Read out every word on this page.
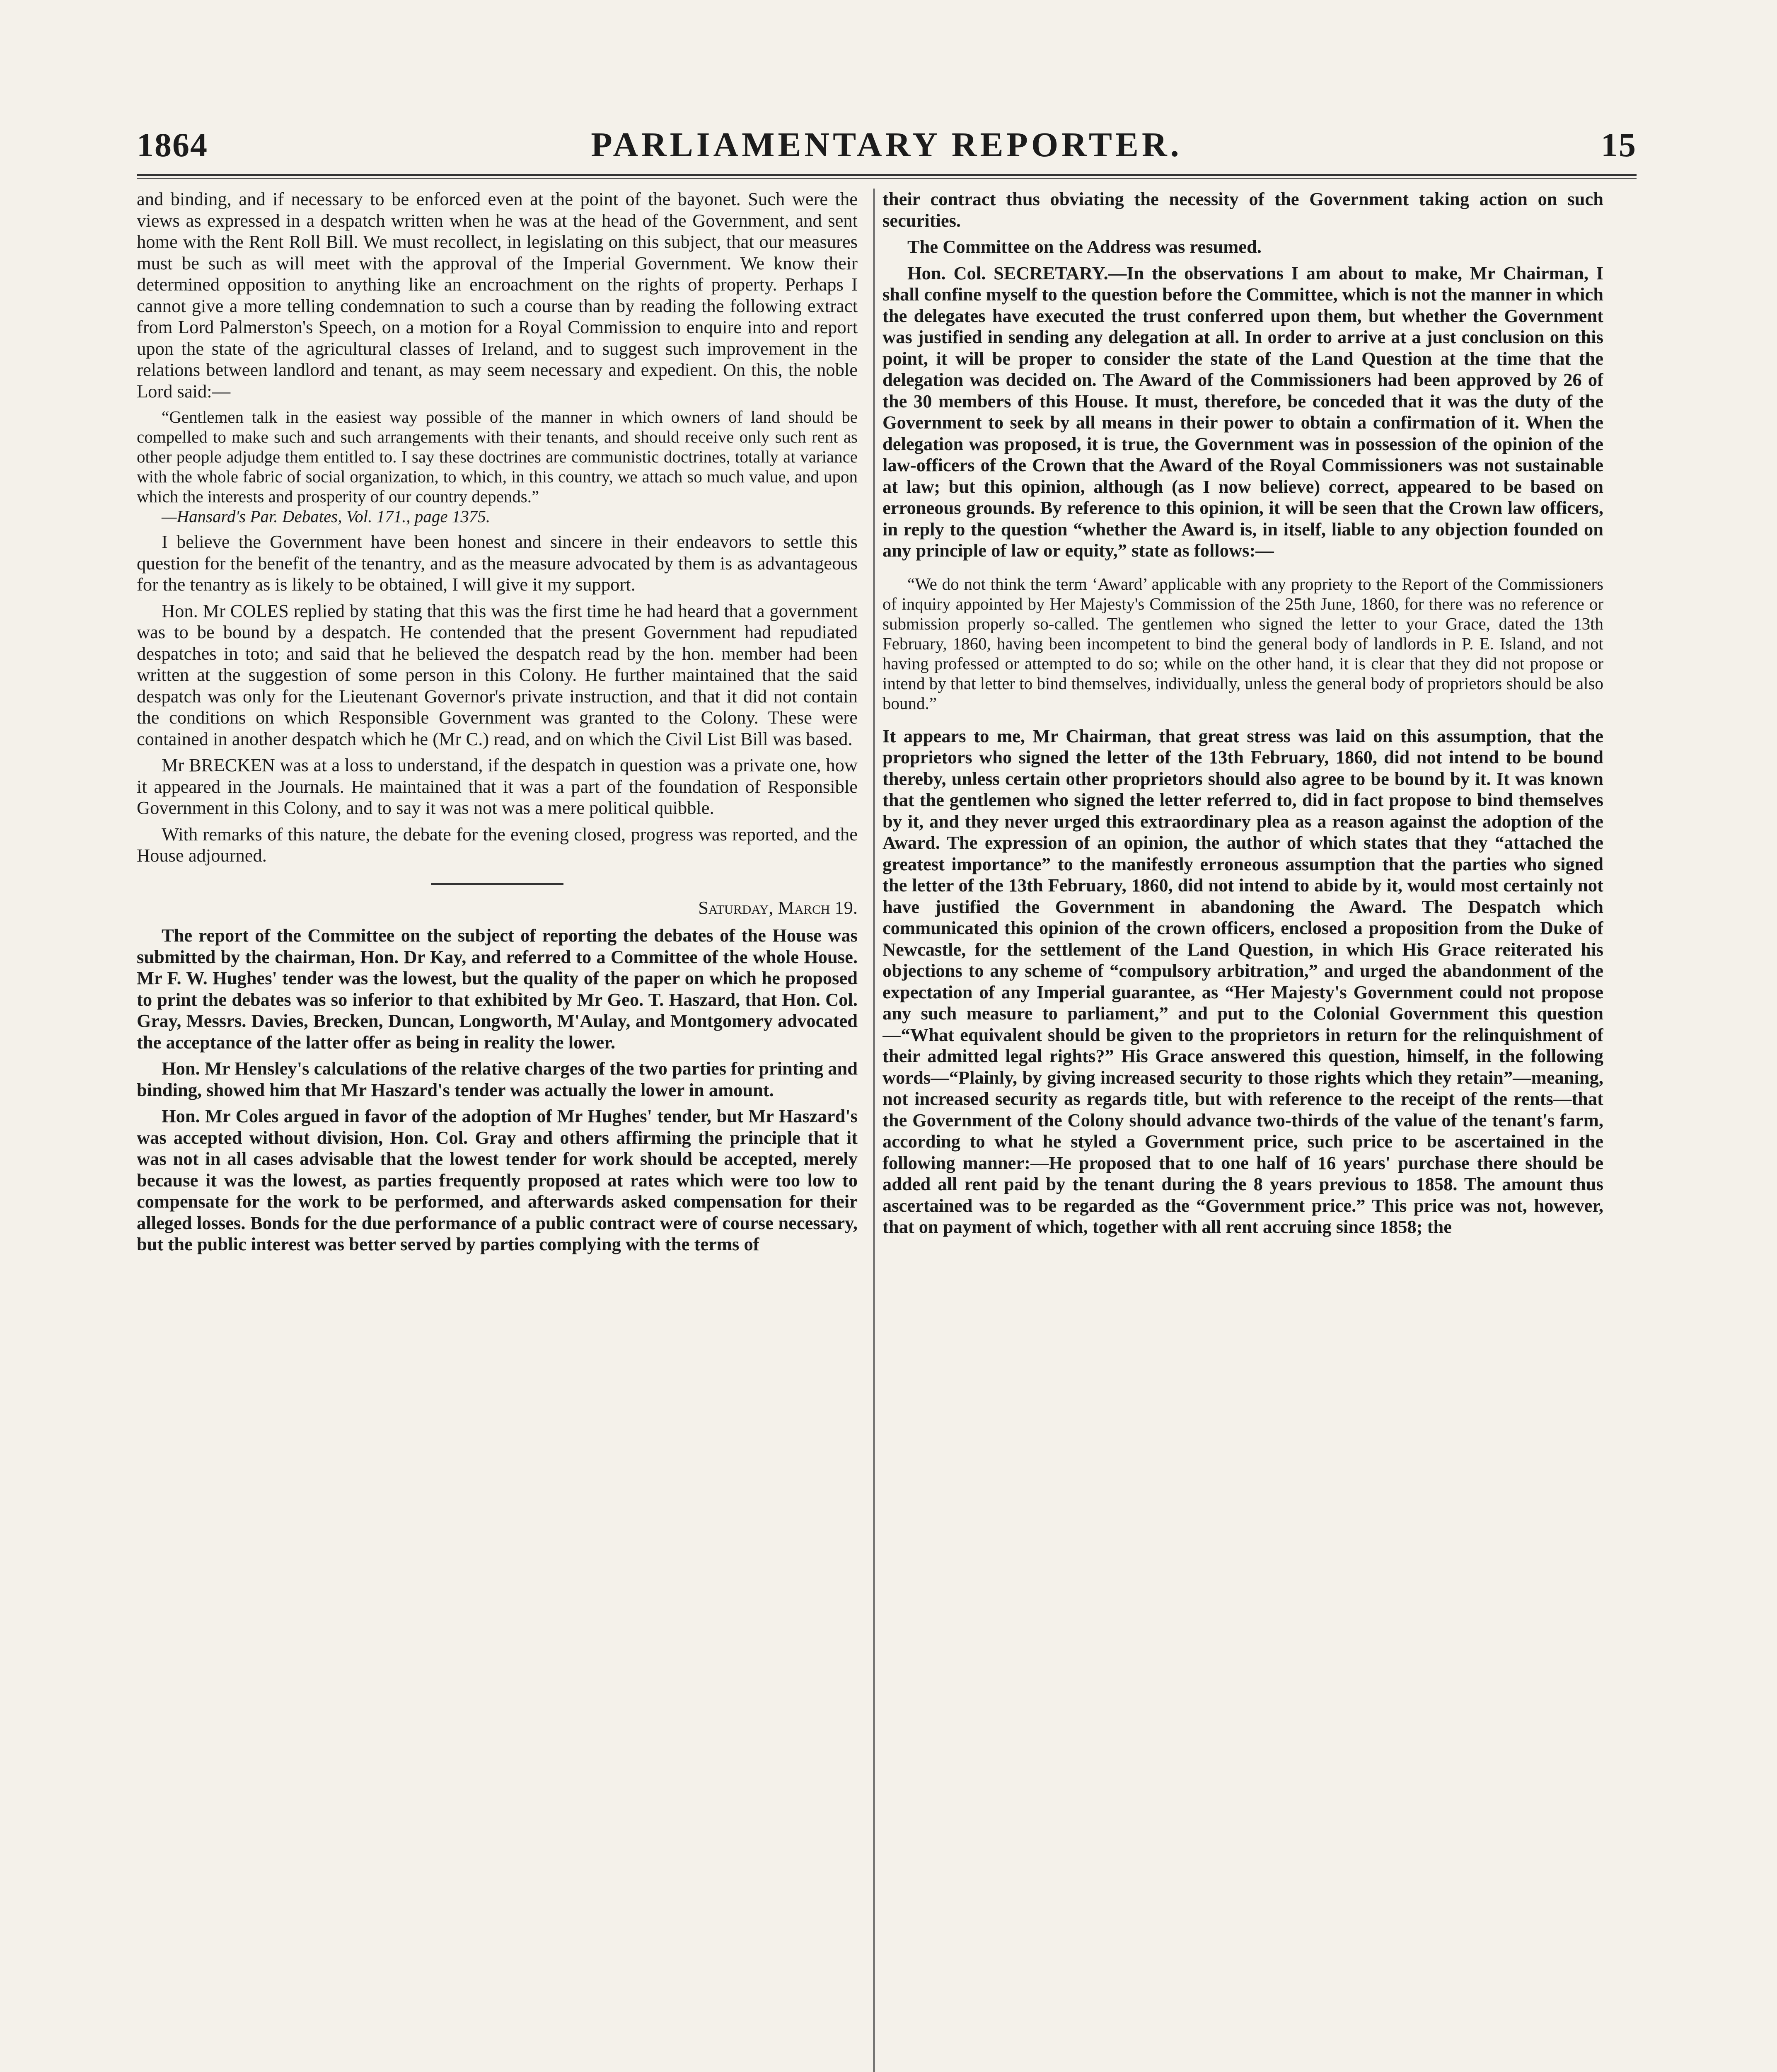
PARLIAMENTARY REPORTER.
1864	15

and binding, and if necessary to be enforced even at the point of the bayonet. Such were the views as expressed in a despatch written when he was at the head of the Government, and sent home with the Rent Roll Bill. We must recollect, in legislating on this subject, that our measures must be such as will meet with the approval of the Imperial Government. We know their determined opposition to anything like an encroachment on the rights of property. Perhaps I cannot give a more telling condemnation to such a course than by reading the following extract from Lord Palmerston's Speech, on a motion for a Royal Commission to enquire into and report upon the state of the agricultural classes of Ireland, and to suggest such improvement in the relations between landlord and tenant, as may seem necessary and expedient. On this, the noble Lord said:—

“Gentlemen talk in the easiest way possible of the manner in which owners of land should be compelled to make such and such arrangements with their tenants, and should receive only such rent as other people adjudge them entitled to. I say these doctrines are communistic doctrines, totally at variance with the whole fabric of social organization, to which, in this country, we attach so much value, and upon which the interests and prosperity of our country depends.”

—Hansard's Par. Debates, Vol. 171., page 1375.

I believe the Government have been honest and sincere in their endeavors to settle this question for the benefit of the tenantry, and as the measure advocated by them is as advantageous for the tenantry as is likely to be obtained, I will give it my support.

Hon. Mr COLES replied by stating that this was the first time he had heard that a government was to be bound by a despatch. He contended that the present Government had repudiated despatches in toto; and said that he believed the despatch read by the hon. member had been written at the suggestion of some person in this Colony. He further maintained that the said despatch was only for the Lieutenant Governor's private instruction, and that it did not contain the conditions on which Responsible Government was granted to the Colony. These were contained in another despatch which he (Mr C.) read, and on which the Civil List Bill was based.

Mr BRECKEN was at a loss to understand, if the despatch in question was a private one, how it appeared in the Journals. He maintained that it was a part of the foundation of Responsible Government in this Colony, and to say it was not was a mere political quibble.

With remarks of this nature, the debate for the evening closed, progress was reported, and the House adjourned.

Saturday, March 19.

The report of the Committee on the subject of reporting the debates of the House was submitted by the chairman, Hon. Dr Kay, and referred to a Committee of the whole House. Mr F. W. Hughes' tender was the lowest, but the quality of the paper on which he proposed to print the debates was so inferior to that exhibited by Mr Geo. T. Haszard, that Hon. Col. Gray, Messrs. Davies, Brecken, Duncan, Longworth, M'Aulay, and Montgomery advocated the acceptance of the latter offer as being in reality the lower.

Hon. Mr Hensley's calculations of the relative charges of the two parties for printing and binding, showed him that Mr Haszard's tender was actually the lower in amount.

Hon. Mr Coles argued in favor of the adoption of Mr Hughes' tender, but Mr Haszard's was accepted without division, Hon. Col. Gray and others affirming the principle that it was not in all cases advisable that the lowest tender for work should be accepted, merely because it was the lowest, as parties frequently proposed at rates which were too low to compensate for the work to be performed, and afterwards asked compensation for their alleged losses. Bonds for the due performance of a public contract were of course necessary, but the public interest was better served by parties complying with the terms of

their contract thus obviating the necessity of the Government taking action on such securities.

The Committee on the Address was resumed.

Hon. Col. SECRETARY.—In the observations I am about to make, Mr Chairman, I shall confine myself to the question before the Committee, which is not the manner in which the delegates have executed the trust conferred upon them, but whether the Government was justified in sending any delegation at all. In order to arrive at a just conclusion on this point, it will be proper to consider the state of the Land Question at the time that the delegation was decided on. The Award of the Commissioners had been approved by 26 of the 30 members of this House. It must, therefore, be conceded that it was the duty of the Government to seek by all means in their power to obtain a confirmation of it. When the delegation was proposed, it is true, the Government was in possession of the opinion of the law-officers of the Crown that the Award of the Royal Commissioners was not sustainable at law; but this opinion, although (as I now believe) correct, appeared to be based on erroneous grounds. By reference to this opinion, it will be seen that the Crown law officers, in reply to the question “whether the Award is, in itself, liable to any objection founded on any principle of law or equity,” state as follows:—

“We do not think the term ‘Award’ applicable with any propriety to the Report of the Commissioners of inquiry appointed by Her Majesty's Commission of the 25th June, 1860, for there was no reference or submission properly so-called. The gentlemen who signed the letter to your Grace, dated the 13th February, 1860, having been incompetent to bind the general body of landlords in P. E. Island, and not having professed or attempted to do so; while on the other hand, it is clear that they did not propose or intend by that letter to bind themselves, individually, unless the general body of proprietors should be also bound.”

It appears to me, Mr Chairman, that great stress was laid on this assumption, that the proprietors who signed the letter of the 13th February, 1860, did not intend to be bound thereby, unless certain other proprietors should also agree to be bound by it. It was known that the gentlemen who signed the letter referred to, did in fact propose to bind themselves by it, and they never urged this extraordinary plea as a reason against the adoption of the Award. The expression of an opinion, the author of which states that they “attached the greatest importance” to the manifestly erroneous assumption that the parties who signed the letter of the 13th February, 1860, did not intend to abide by it, would most certainly not have justified the Government in abandoning the Award. The Despatch which communicated this opinion of the crown officers, enclosed a proposition from the Duke of Newcastle, for the settlement of the Land Question, in which His Grace reiterated his objections to any scheme of “compulsory arbitration,” and urged the abandonment of the expectation of any Imperial guarantee, as “Her Majesty's Government could not propose any such measure to parliament,” and put to the Colonial Government this question—“What equivalent should be given to the proprietors in return for the relinquishment of their admitted legal rights?” His Grace answered this question, himself, in the following words—“Plainly, by giving increased security to those rights which they retain”—meaning, not increased security as regards title, but with reference to the receipt of the rents—that the Government of the Colony should advance two-thirds of the value of the tenant's farm, according to what he styled a Government price, such price to be ascertained in the following manner:—He proposed that to one half of 16 years' purchase there should be added all rent paid by the tenant during the 8 years previous to 1858. The amount thus ascertained was to be regarded as the “Government price.” This price was not, however, that on payment of which, together with all rent accruing since 1858; the
